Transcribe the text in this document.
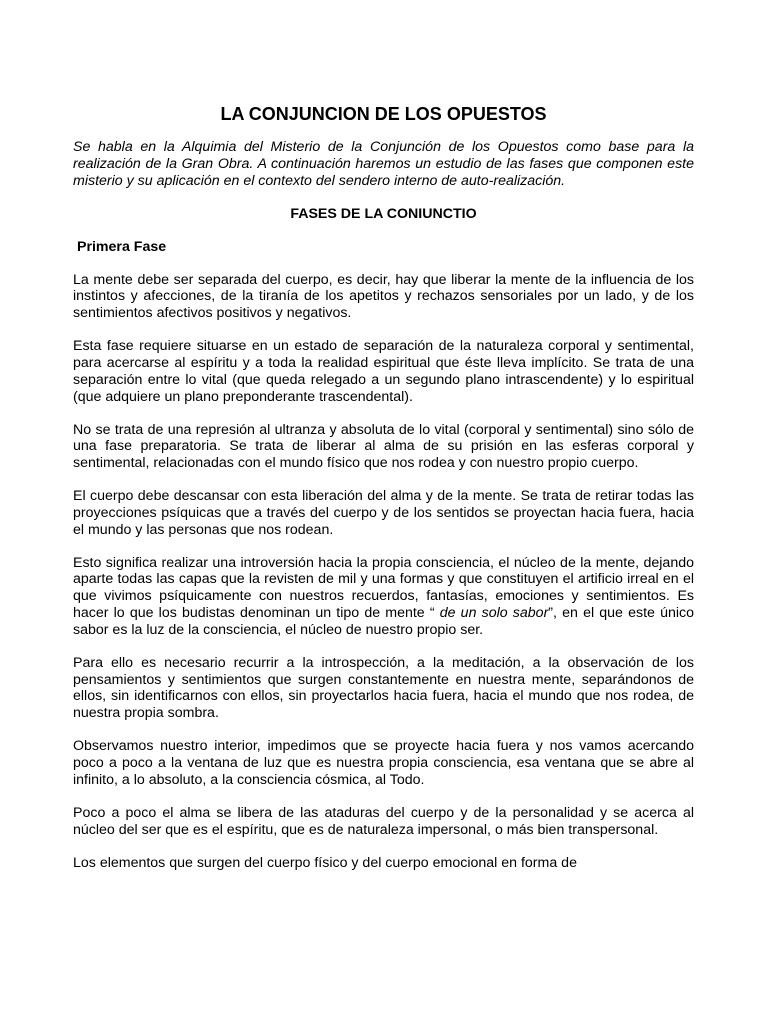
LA CONJUNCION DE LOS OPUESTOS

Se habla en la Alquimia del Misterio de la Conjunción de los Opuestos como base para la realización de la Gran Obra. A continuación haremos un estudio de las fases que componen este misterio y su aplicación en el contexto del sendero interno de auto-realización.

FASES DE LA CONIUNCTIO
Primera Fase

La mente debe ser separada del cuerpo, es decir, hay que liberar la mente de la influencia de los instintos y afecciones, de la tiranía de los apetitos y rechazos sensoriales por un lado, y de los sentimientos afectivos positivos y negativos.

Esta fase requiere situarse en un estado de separación de la naturaleza corporal y sentimental, para acercarse al espíritu y a toda la realidad espiritual que éste lleva implícito. Se trata de una separación entre lo vital (que queda relegado a un segundo plano intrascendente) y lo espiritual (que adquiere un plano preponderante trascendental).

No se trata de una represión al ultranza y absoluta de lo vital (corporal y sentimental) sino sólo de una fase preparatoria. Se trata de liberar al alma de su prisión en las esferas corporal y sentimental, relacionadas con el mundo físico que nos rodea y con nuestro propio cuerpo.

El cuerpo debe descansar con esta liberación del alma y de la mente. Se trata de retirar todas las proyecciones psíquicas que a través del cuerpo y de los sentidos se proyectan hacia fuera, hacia el mundo y las personas que nos rodean.

Esto significa realizar una introversión hacia la propia consciencia, el núcleo de la mente, dejando aparte todas las capas que la revisten de mil y una formas y que constituyen el artificio irreal en el que vivimos psíquicamente con nuestros recuerdos, fantasías, emociones y sentimientos. Es hacer lo que los budistas denominan un tipo de mente “ de un solo sabor”, en el que este único sabor es la luz de la consciencia, el núcleo de nuestro propio ser.

Para ello es necesario recurrir a la introspección, a la meditación, a la observación de los pensamientos y sentimientos que surgen constantemente en nuestra mente, separándonos de ellos, sin identificarnos con ellos, sin proyectarlos hacia fuera, hacia el mundo que nos rodea, de nuestra propia sombra.

Observamos nuestro interior, impedimos que se proyecte hacia fuera y nos vamos acercando poco a poco a la ventana de luz que es nuestra propia consciencia, esa ventana que se abre al infinito, a lo absoluto, a la consciencia cósmica, al Todo.

Poco a poco el alma se libera de las ataduras del cuerpo y de la personalidad y se acerca al núcleo del ser que es el espíritu, que es de naturaleza impersonal, o más bien transpersonal.

Los elementos que surgen del cuerpo físico y del cuerpo emocional en forma de
